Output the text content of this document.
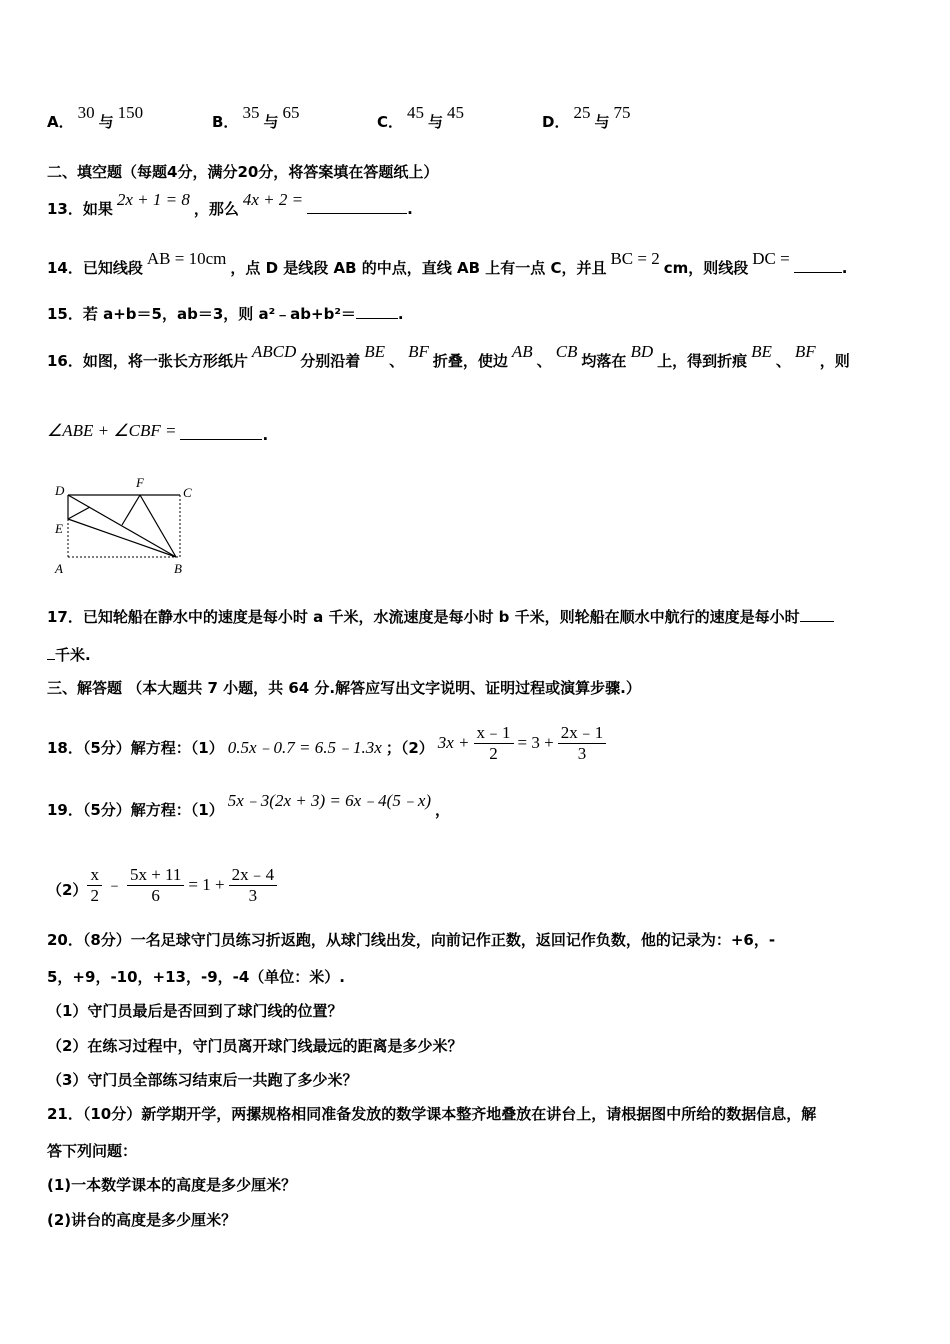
A． 30 与 150	B． 35 与 65	C． 45 与 45	D． 25 与 75
二、填空题（每题4分，满分20分，将答案填在答题纸上）
13．如果 2x + 1 = 8 ，那么 4x + 2 =	.
14．已知线段 AB = 10cm ，点 D 是线段 AB 的中点，直线 AB 上有一点 C，并且 BC = 2 cm，则线段 DC =	.
15．若 a+b＝5，ab＝3，则 a²﹣ab+b²＝	.
16．如图，将一张长方形纸片 ABCD 分别沿着 BE 、 BF 折叠，使边 AB 、 CB 均落在 BD 上，得到折痕 BE 、 BF ，则
∠ABE + ∠CBF =	.
D
F
C
E
A	B
17．已知轮船在静水中的速度是每小时 a 千米，水流速度是每小时 b 千米，则轮船在顺水中航行的速度是每小时
千米.
三、解答题 （本大题共 7 小题，共 64 分.解答应写出文字说明、证明过程或演算步骤.）
18．（5分）解方程：（1） 0.5x﹣0.7 = 6.5﹣1.3x ；（2） $3x + \frac{x﹣1}{2} = 3 + \frac{2x﹣1}{3}$
19．（5分）解方程：（1） 5x﹣3(2x + 3) = 6x﹣4(5﹣x) ，
$(2) \frac{x}{2}$ ﹣ $\frac{5x + 11}{6} = 1 + \frac{2x﹣4}{3}$
20．（8分）一名足球守门员练习折返跑，从球门线出发，向前记作正数，返回记作负数，他的记录为：+6，-
5，+9，-10，+13，-9，-4（单位：米）.
（1）守门员最后是否回到了球门线的位置？
（2）在练习过程中，守门员离开球门线最远的距离是多少米？
（3）守门员全部练习结束后一共跑了多少米？
21．（10分）新学期开学，两摞规格相同准备发放的数学课本整齐地叠放在讲台上，请根据图中所给的数据信息，解
答下列问题：
(1)一本数学课本的高度是多少厘米？
(2)讲台的高度是多少厘米？
